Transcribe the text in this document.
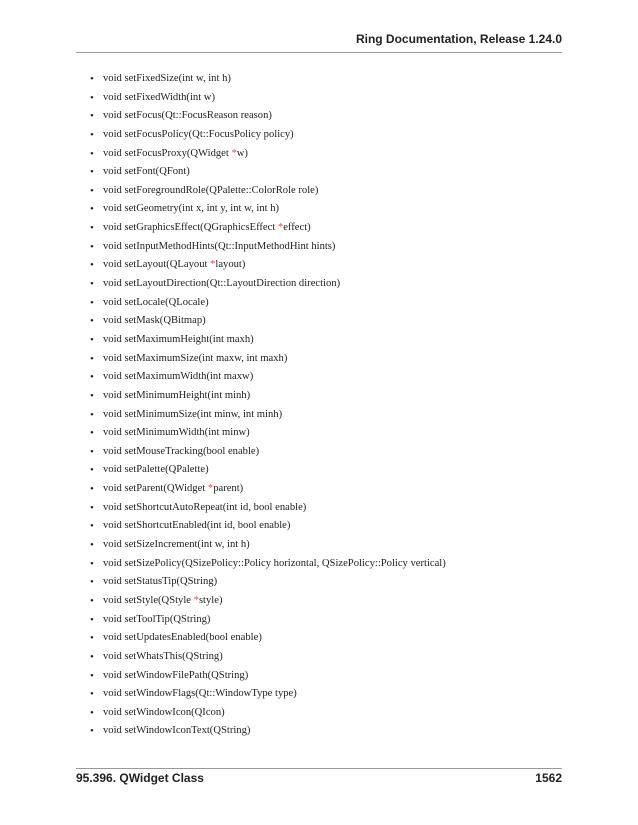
Ring Documentation, Release 1.24.0
• void setFixedSize(int w, int h)
• void setFixedWidth(int w)
• void setFocus(Qt::FocusReason reason)
• void setFocusPolicy(Qt::FocusPolicy policy)
• void setFocusProxy(QWidget *w)
• void setFont(QFont)
• void setForegroundRole(QPalette::ColorRole role)
• void setGeometry(int x, int y, int w, int h)
• void setGraphicsEffect(QGraphicsEffect *effect)
• void setInputMethodHints(Qt::InputMethodHint hints)
• void setLayout(QLayout *layout)
• void setLayoutDirection(Qt::LayoutDirection direction)
• void setLocale(QLocale)
• void setMask(QBitmap)
• void setMaximumHeight(int maxh)
• void setMaximumSize(int maxw, int maxh)
• void setMaximumWidth(int maxw)
• void setMinimumHeight(int minh)
• void setMinimumSize(int minw, int minh)
• void setMinimumWidth(int minw)
• void setMouseTracking(bool enable)
• void setPalette(QPalette)
• void setParent(QWidget *parent)
• void setShortcutAutoRepeat(int id, bool enable)
• void setShortcutEnabled(int id, bool enable)
• void setSizeIncrement(int w, int h)
• void setSizePolicy(QSizePolicy::Policy horizontal, QSizePolicy::Policy vertical)
• void setStatusTip(QString)
• void setStyle(QStyle *style)
• void setToolTip(QString)
• void setUpdatesEnabled(bool enable)
• void setWhatsThis(QString)
• void setWindowFilePath(QString)
• void setWindowFlags(Qt::WindowType type)
• void setWindowIcon(QIcon)
• void setWindowIconText(QString)
95.396. QWidget Class	1562
